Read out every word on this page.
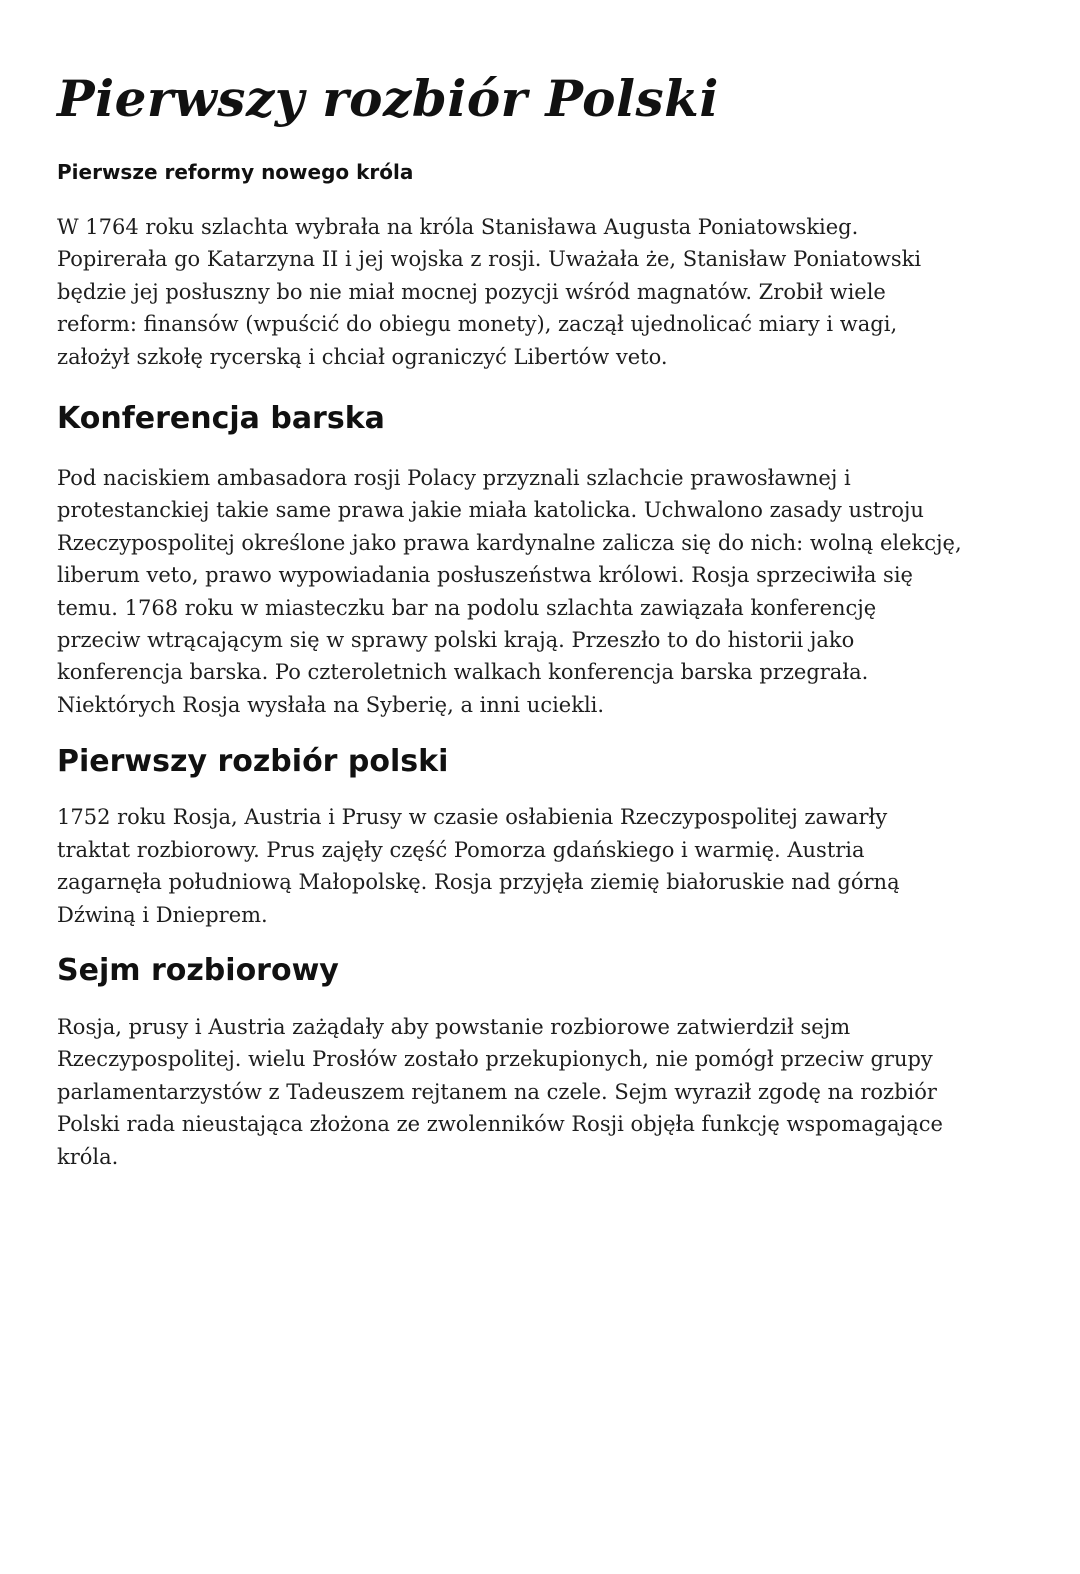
Pierwszy rozbiór Polski
Pierwsze reformy nowego króla

W 1764 roku szlachta wybrała na króla Stanisława Augusta Poniatowskieg.
Popirerała go Katarzyna II i jej wojska z rosji. Uważała że, Stanisław Poniatowski
będzie jej posłuszny bo nie miał mocnej pozycji wśród magnatów. Zrobił wiele
reform: finansów (wpuścić do obiegu monety), zaczął ujednolicać miary i wagi,
założył szkołę rycerską i chciał ograniczyć Libertów veto.

Konferencja barska

Pod naciskiem ambasadora rosji Polacy przyznali szlachcie prawosławnej i
protestanckiej takie same prawa jakie miała katolicka. Uchwalono zasady ustroju
Rzeczypospolitej określone jako prawa kardynalne zalicza się do nich: wolną elekcję,
liberum veto, prawo wypowiadania posłuszeństwa królowi. Rosja sprzeciwiła się
temu. 1768 roku w miasteczku bar na podolu szlachta zawiązała konferencję
przeciw wtrącającym się w sprawy polski krają. Przeszło to do historii jako
konferencja barska. Po czteroletnich walkach konferencja barska przegrała.
Niektórych Rosja wysłała na Syberię, a inni uciekli.

Pierwszy rozbiór polski

1752 roku Rosja, Austria i Prusy w czasie osłabienia Rzeczypospolitej zawarły
traktat rozbiorowy. Prus zajęły część Pomorza gdańskiego i warmię. Austria
zagarnęła południową Małopolskę. Rosja przyjęła ziemię białoruskie nad górną
Dźwiną i Dnieprem.

Sejm rozbiorowy

Rosja, prusy i Austria zażądały aby powstanie rozbiorowe zatwierdził sejm
Rzeczypospolitej. wielu Prosłów zostało przekupionych, nie pomógł przeciw grupy
parlamentarzystów z Tadeuszem rejtanem na czele. Sejm wyraził zgodę na rozbiór
Polski rada nieustająca złożona ze zwolenników Rosji objęła funkcję wspomagające
króla.
